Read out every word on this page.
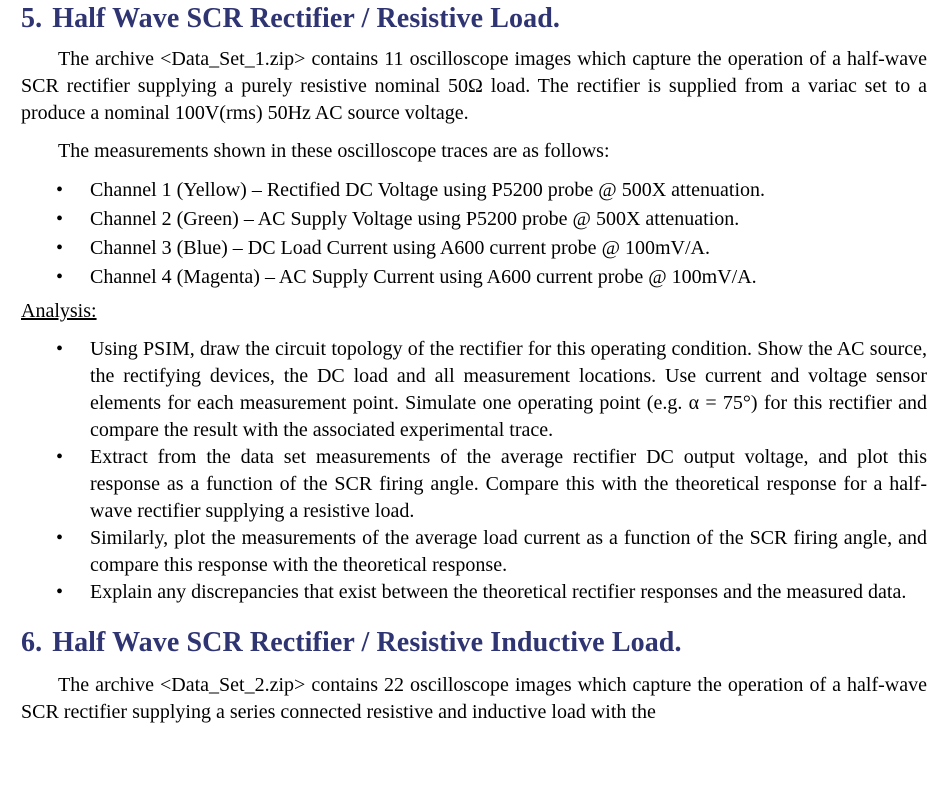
5. Half Wave SCR Rectifier / Resistive Load.

The archive <Data_Set_1.zip> contains 11 oscilloscope images which capture the operation of a half-wave SCR rectifier supplying a purely resistive nominal 50Ω load. The rectifier is supplied from a variac set to a produce a nominal 100V(rms) 50Hz AC source voltage.

The measurements shown in these oscilloscope traces are as follows:

•	Channel 1 (Yellow) – Rectified DC Voltage using P5200 probe @ 500X attenuation.
•	Channel 2 (Green) – AC Supply Voltage using P5200 probe @ 500X attenuation.
•	Channel 3 (Blue) – DC Load Current using A600 current probe @ 100mV/A.
•	Channel 4 (Magenta) – AC Supply Current using A600 current probe @ 100mV/A.
Analysis:
•	Using PSIM, draw the circuit topology of the rectifier for this operating condition. Show the AC source, the rectifying devices, the DC load and all measurement locations. Use current and voltage sensor elements for each measurement point. Simulate one operating point (e.g. α = 75°) for this rectifier and compare the result with the associated experimental trace.
•	Extract from the data set measurements of the average rectifier DC output voltage, and plot this response as a function of the SCR firing angle. Compare this with the theoretical response for a half-wave rectifier supplying a resistive load.
•	Similarly, plot the measurements of the average load current as a function of the SCR firing angle, and compare this response with the theoretical response.
•	Explain any discrepancies that exist between the theoretical rectifier responses and the measured data.
6. Half Wave SCR Rectifier / Resistive Inductive Load.

The archive <Data_Set_2.zip> contains 22 oscilloscope images which capture the operation of a half-wave SCR rectifier supplying a series connected resistive and inductive load with the
